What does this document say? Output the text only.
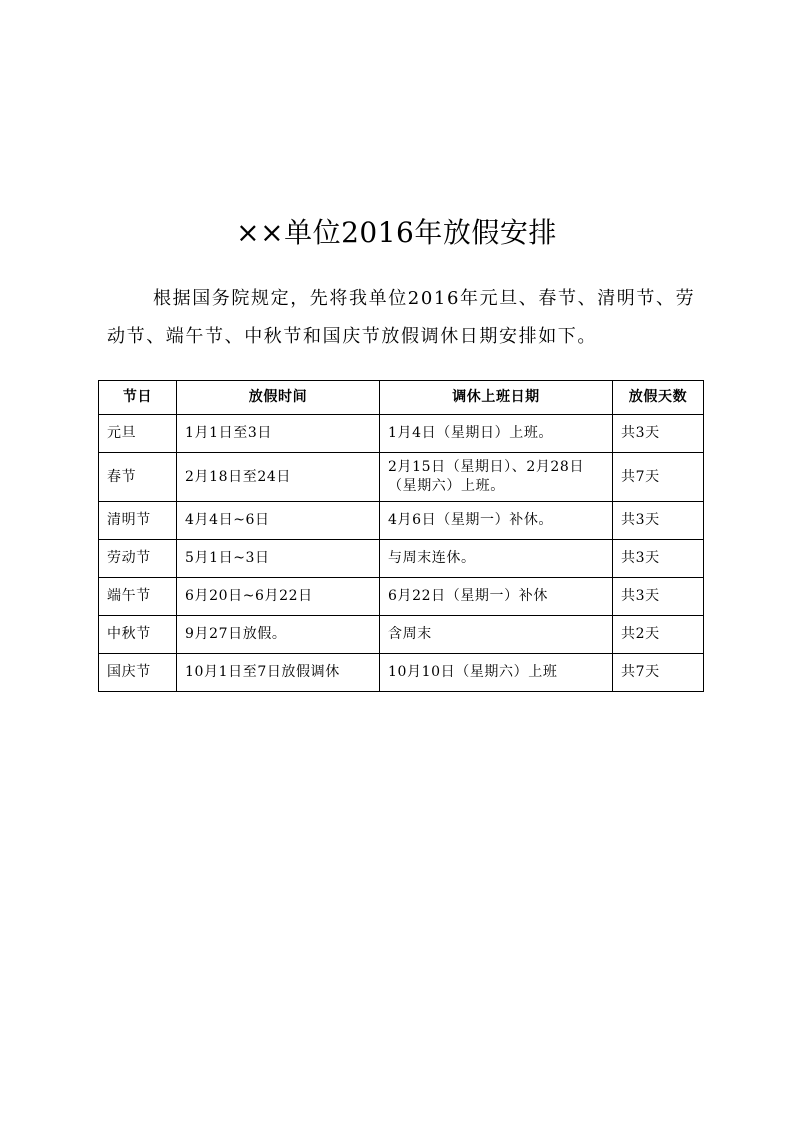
××单位2016年放假安排

根据国务院规定，先将我单位2016年元旦、春节、清明节、劳动节、端午节、中秋节和国庆节放假调休日期安排如下。

节日	放假时间	调休上班日期	放假天数
元旦	1月1日至3日	1月4日（星期日）上班。	共3天
春节	2月18日至24日	2月15日（星期日）、2月28日（星期六）上班。	共7天
清明节	4月4日~6日	4月6日（星期一）补休。	共3天
劳动节	5月1日~3日	与周末连休。	共3天
端午节	6月20日~6月22日	6月22日（星期一）补休	共3天
中秋节	9月27日放假。	含周末	共2天
国庆节	10月1日至7日放假调休	10月10日（星期六）上班	共7天
